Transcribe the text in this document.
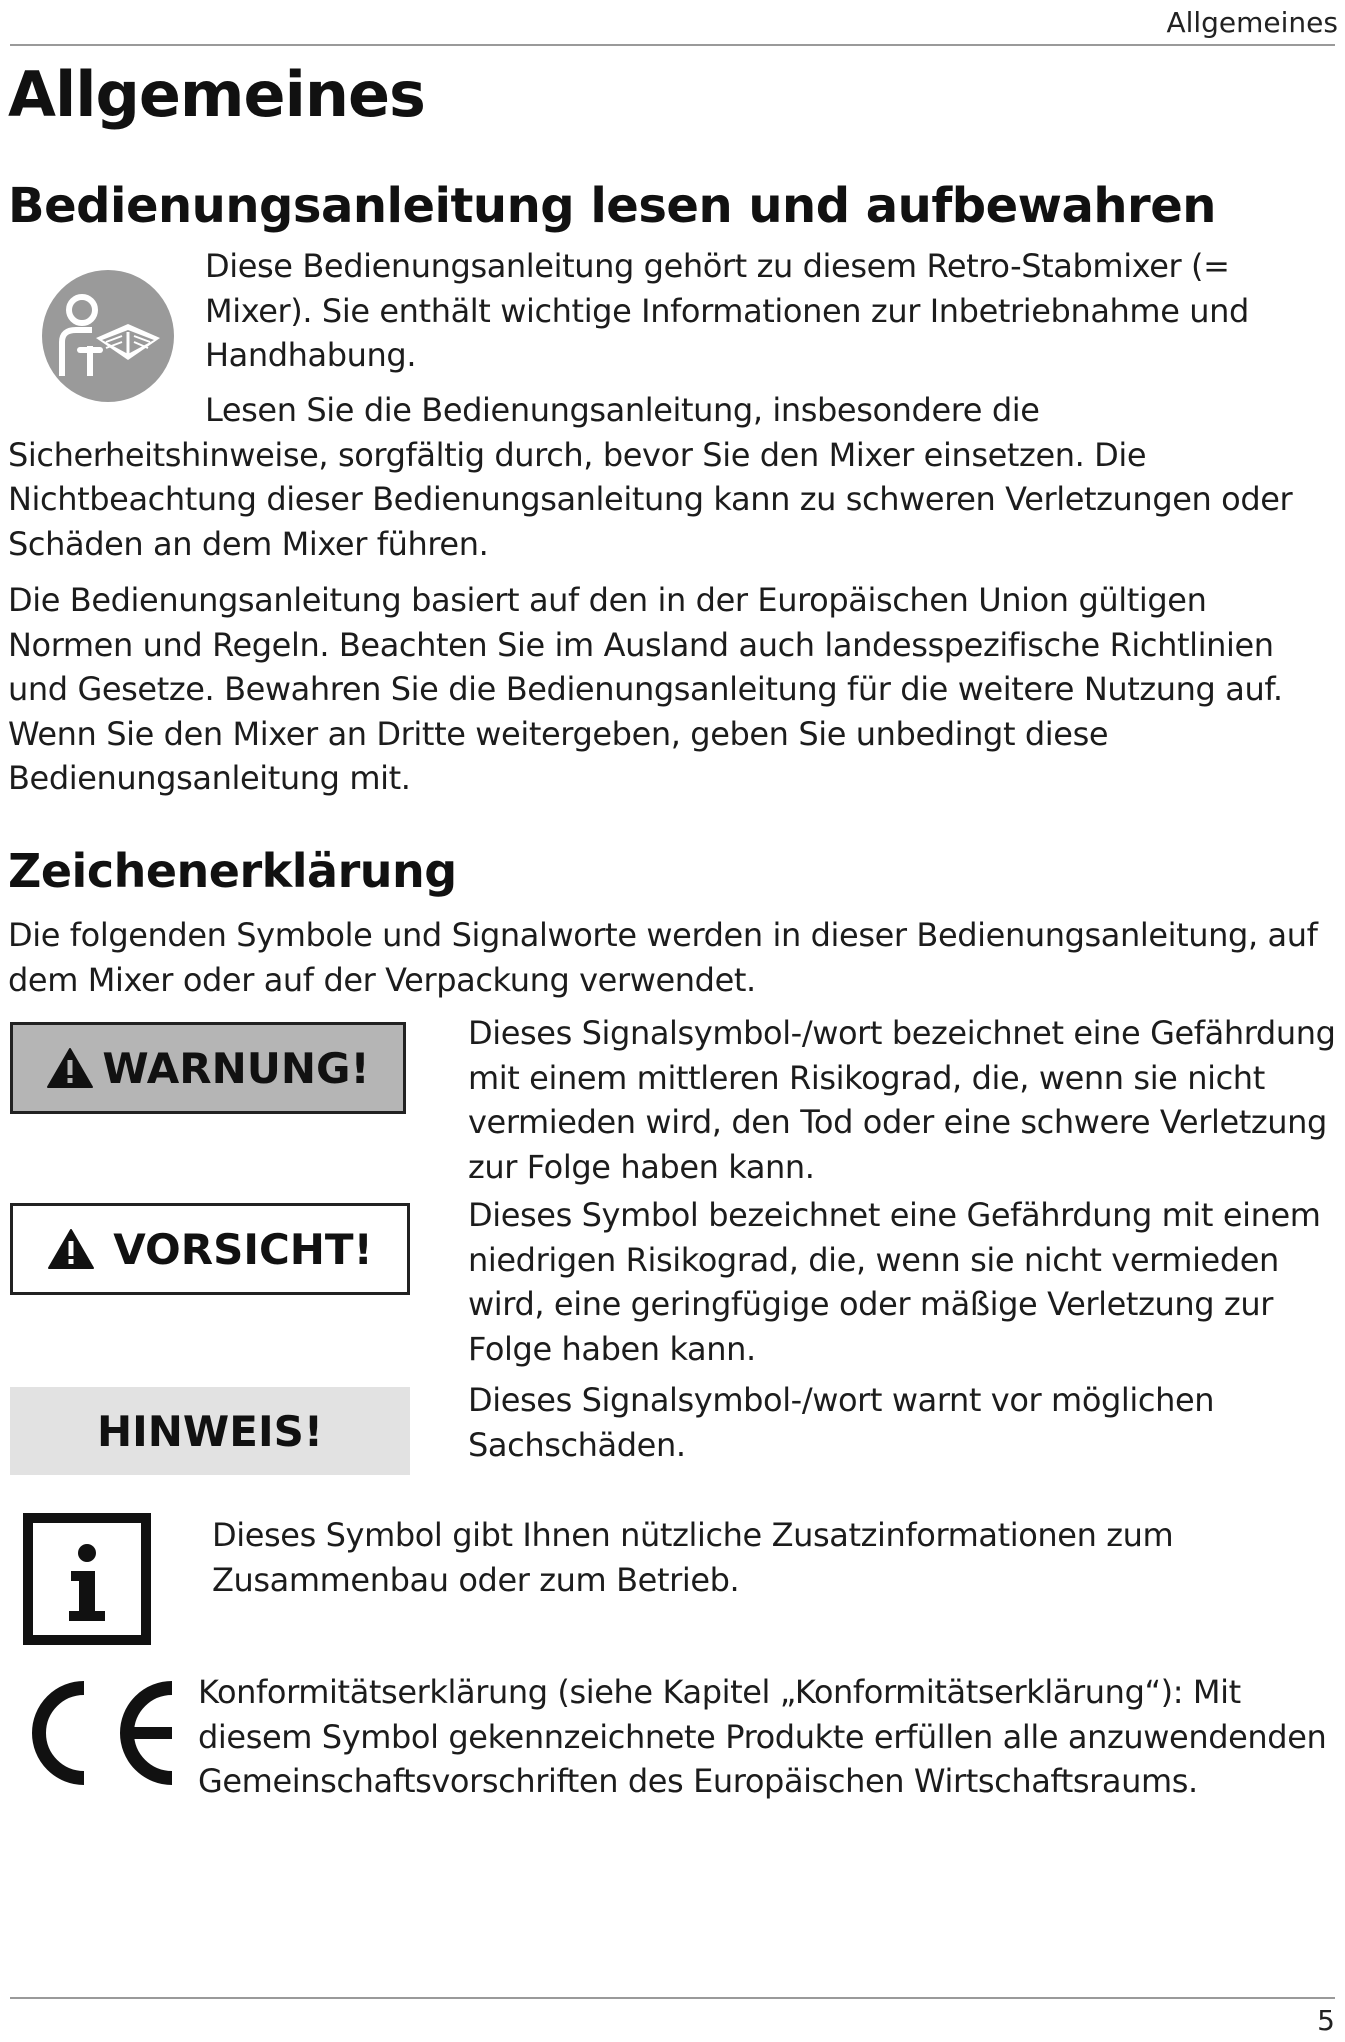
Allgemeines
Allgemeines
Bedienungsanleitung lesen und aufbewahren

Diese Bedienungsanleitung gehört zu diesem Retro-Stabmixer (= Mixer). Sie enthält wichtige Informationen zur Inbetriebnahme und Handhabung.

Lesen Sie die Bedienungsanleitung, insbesondere die Sicherheitshinweise, sorgfältig durch, bevor Sie den Mixer einsetzen. Die Nichtbeachtung dieser Bedienungsanleitung kann zu schweren Verletzungen oder Schäden an dem Mixer führen.

Die Bedienungsanleitung basiert auf den in der Europäischen Union gültigen Normen und Regeln. Beachten Sie im Ausland auch landesspezifische Richtlinien und Gesetze. Bewahren Sie die Bedienungsanleitung für die weitere Nutzung auf. Wenn Sie den Mixer an Dritte weitergeben, geben Sie unbedingt diese Bedienungsanleitung mit.

Zeichenerklärung

Die folgenden Symbole und Signalworte werden in dieser Bedienungsanleitung, auf dem Mixer oder auf der Verpackung verwendet.

WARNUNG!

Dieses Signalsymbol-/wort bezeichnet eine Gefährdung mit einem mittleren Risikograd, die, wenn sie nicht vermieden wird, den Tod oder eine schwere Verletzung zur Folge haben kann.

VORSICHT!

Dieses Symbol bezeichnet eine Gefährdung mit einem niedrigen Risikograd, die, wenn sie nicht vermieden wird, eine geringfügige oder mäßige Verletzung zur Folge haben kann.

HINWEIS!

Dieses Signalsymbol-/wort warnt vor möglichen Sachschäden.

Dieses Symbol gibt Ihnen nützliche Zusatzinformationen zum Zusammenbau oder zum Betrieb.

Konformitätserklärung (siehe Kapitel „Konformitätserklärung“): Mit diesem Symbol gekennzeichnete Produkte erfüllen alle anzuwendenden Gemeinschaftsvorschriften des Europäischen Wirtschaftsraums.

5
